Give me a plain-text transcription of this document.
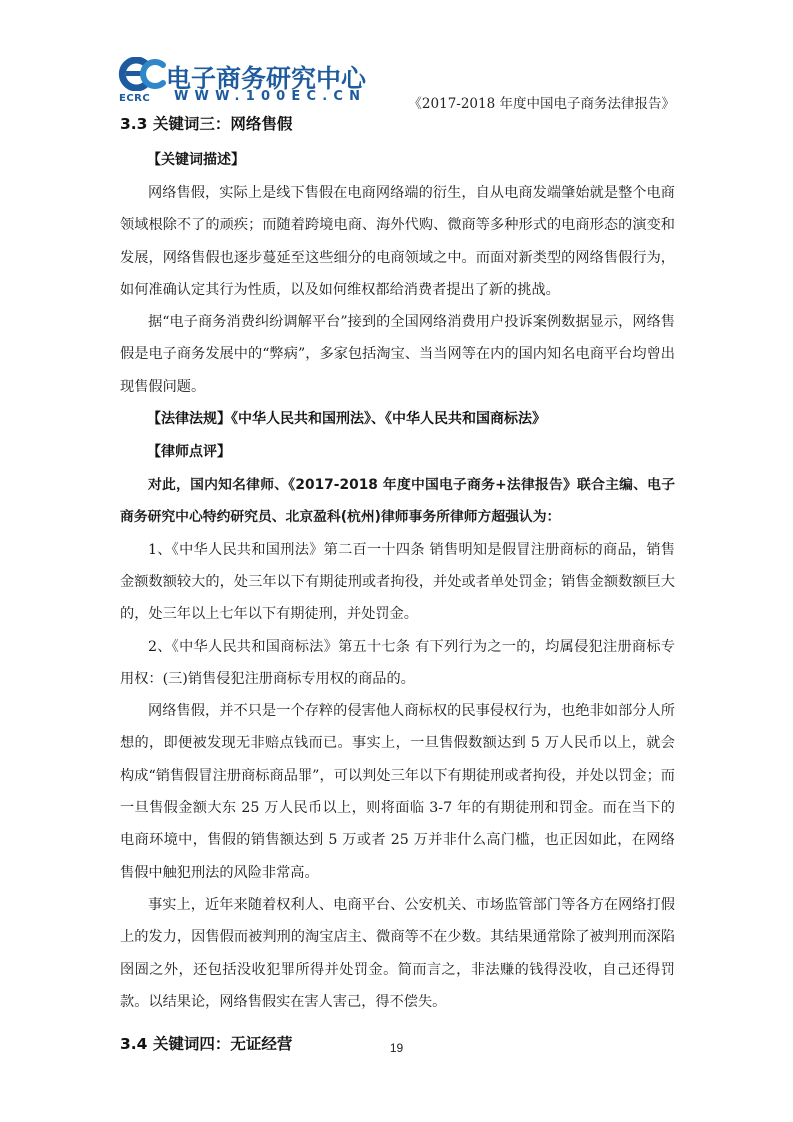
电子商务研究中心
ECRC WWW.100EC.CN	《2017-2018 年度中国电子商务法律报告》
3.3 关键词三：网络售假

【关键词描述】

网络售假，实际上是线下售假在电商网络端的衍生，自从电商发端肇始就是整个电商领域根除不了的顽疾；而随着跨境电商、海外代购、微商等多种形式的电商形态的演变和发展，网络售假也逐步蔓延至这些细分的电商领域之中。而面对新类型的网络售假行为，如何准确认定其行为性质，以及如何维权都给消费者提出了新的挑战。

据“电子商务消费纠纷调解平台”接到的全国网络消费用户投诉案例数据显示，网络售假是电子商务发展中的“弊病”，多家包括淘宝、当当网等在内的国内知名电商平台均曾出现售假问题。

【法律法规】《中华人民共和国刑法》、《中华人民共和国商标法》

【律师点评】

对此，国内知名律师、《2017-2018 年度中国电子商务+法律报告》联合主编、电子商务研究中心特约研究员、北京盈科(杭州)律师事务所律师方超强认为：

1、《中华人民共和国刑法》第二百一十四条 销售明知是假冒注册商标的商品，销售金额数额较大的，处三年以下有期徒刑或者拘役，并处或者单处罚金；销售金额数额巨大的，处三年以上七年以下有期徒刑，并处罚金。

2、《中华人民共和国商标法》第五十七条 有下列行为之一的，均属侵犯注册商标专用权：(三)销售侵犯注册商标专用权的商品的。

网络售假，并不只是一个存粹的侵害他人商标权的民事侵权行为，也绝非如部分人所想的，即便被发现无非赔点钱而已。事实上，一旦售假数额达到 5 万人民币以上，就会构成“销售假冒注册商标商品罪”，可以判处三年以下有期徒刑或者拘役，并处以罚金；而一旦售假金额大东 25 万人民币以上，则将面临 3-7 年的有期徒刑和罚金。而在当下的电商环境中，售假的销售额达到 5 万或者 25 万并非什么高门槛，也正因如此，在网络售假中触犯刑法的风险非常高。

事实上，近年来随着权利人、电商平台、公安机关、市场监管部门等各方在网络打假上的发力，因售假而被判刑的淘宝店主、微商等不在少数。其结果通常除了被判刑而深陷囹圄之外，还包括没收犯罪所得并处罚金。简而言之，非法赚的钱得没收，自己还得罚款。以结果论，网络售假实在害人害己，得不偿失。

3.4 关键词四：无证经营	19
